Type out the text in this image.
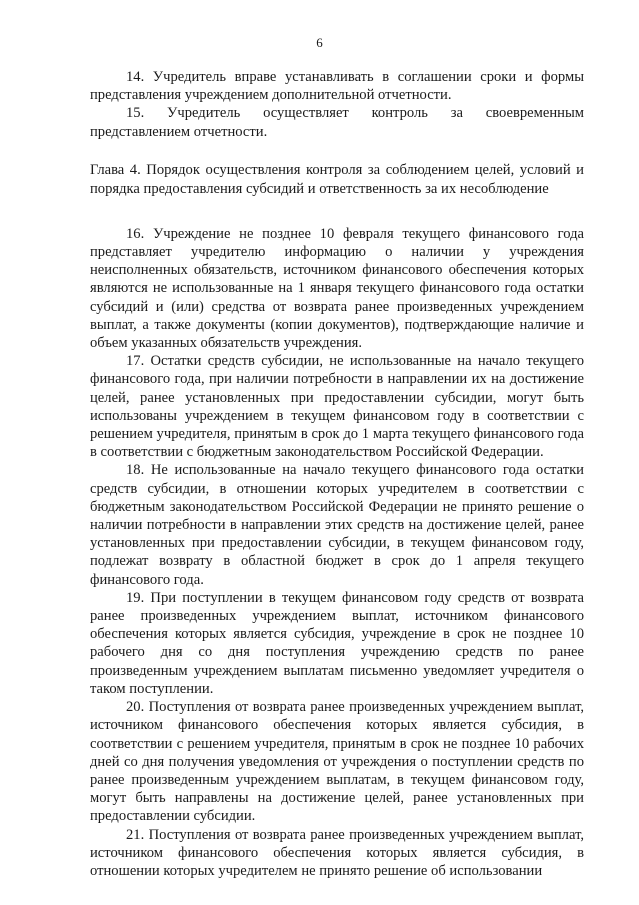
6

14. Учредитель вправе устанавливать в соглашении сроки и формы представления учреждением дополнительной отчетности.

15. Учредитель осуществляет контроль за своевременным представлением отчетности.

Глава 4. Порядок осуществления контроля за соблюдением целей, условий и порядка предоставления субсидий и ответственность за их несоблюдение

16. Учреждение не позднее 10 февраля текущего финансового года представляет учредителю информацию о наличии у учреждения неисполненных обязательств, источником финансового обеспечения которых являются не использованные на 1 января текущего финансового года остатки субсидий и (или) средства от возврата ранее произведенных учреждением выплат, а также документы (копии документов), подтверждающие наличие и объем указанных обязательств учреждения.

17. Остатки средств субсидии, не использованные на начало текущего финансового года, при наличии потребности в направлении их на достижение целей, ранее установленных при предоставлении субсидии, могут быть использованы учреждением в текущем финансовом году в соответствии с решением учредителя, принятым в срок до 1 марта текущего финансового года в соответствии с бюджетным законодательством Российской Федерации.

18. Не использованные на начало текущего финансового года остатки средств субсидии, в отношении которых учредителем в соответствии с бюджетным законодательством Российской Федерации не принято решение о наличии потребности в направлении этих средств на достижение целей, ранее установленных при предоставлении субсидии, в текущем финансовом году, подлежат возврату в областной бюджет в срок до 1 апреля текущего финансового года.

19. При поступлении в текущем финансовом году средств от возврата ранее произведенных учреждением выплат, источником финансового обеспечения которых является субсидия, учреждение в срок не позднее 10 рабочего дня со дня поступления учреждению средств по ранее произведенным учреждением выплатам письменно уведомляет учредителя о таком поступлении.

20. Поступления от возврата ранее произведенных учреждением выплат, источником финансового обеспечения которых является субсидия, в соответствии с решением учредителя, принятым в срок не позднее 10 рабочих дней со дня получения уведомления от учреждения о поступлении средств по ранее произведенным учреждением выплатам, в текущем финансовом году, могут быть направлены на достижение целей, ранее установленных при предоставлении субсидии.

21. Поступления от возврата ранее произведенных учреждением выплат, источником финансового обеспечения которых является субсидия, в отношении которых учредителем не принято решение об использовании
